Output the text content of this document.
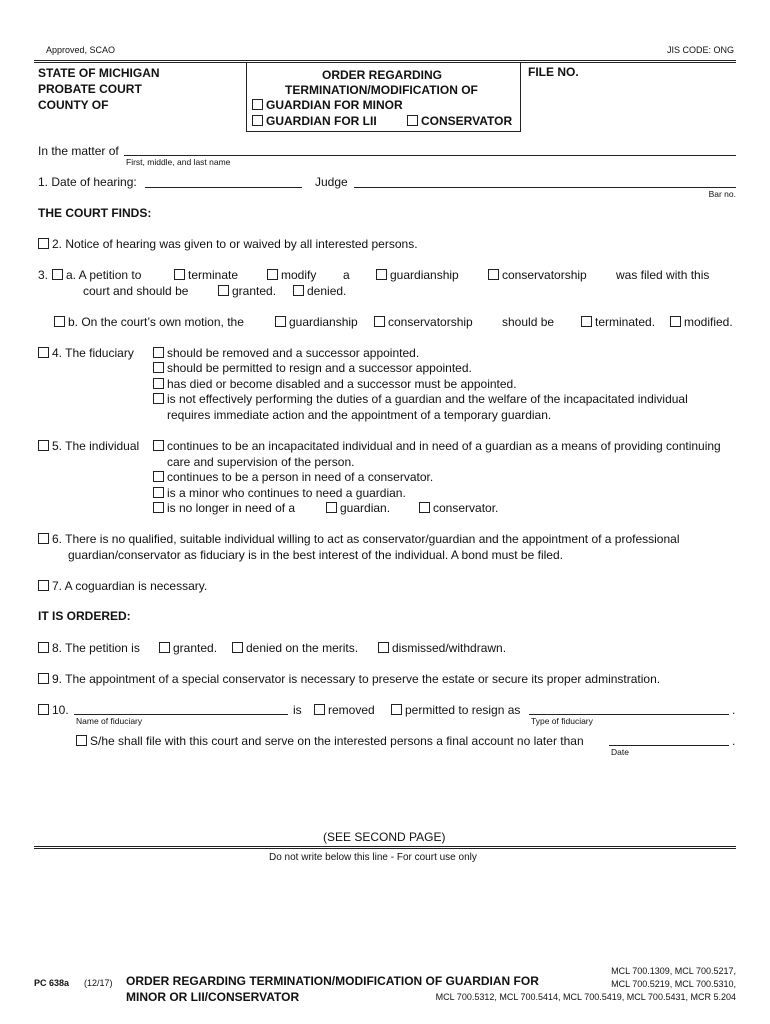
Approved, SCAO	JIS CODE: ONG
STATE OF MICHIGAN
PROBATE COURT
COUNTY OF
ORDER REGARDING
TERMINATION/MODIFICATION OF
GUARDIAN FOR MINOR
GUARDIAN FOR LII	CONSERVATOR
FILE NO.
In the matter of
First, middle, and last name
1. Date of hearing:	Judge
Bar no.
THE COURT FINDS:
2. Notice of hearing was given to or waived by all interested persons.
3.	a. A petition to	terminate	modify a	guardianship	conservatorship was filed with this
court and should be	granted.	denied.
b. On the court’s own motion, the	guardianship	conservatorship should be	terminated.	modified.
4. The fiduciary	should be removed and a successor appointed.
should be permitted to resign and a successor appointed.
has died or become disabled and a successor must be appointed.
is not effectively performing the duties of a guardian and the welfare of the incapacitated individual
requires immediate action and the appointment of a temporary guardian.
5. The individual	continues to be an incapacitated individual and in need of a guardian as a means of providing continuing
care and supervision of the person.
continues to be a person in need of a conservator.
is a minor who continues to need a guardian.
is no longer in need of a	guardian.	conservator.
6. There is no qualified, suitable individual willing to act as conservator/guardian and the appointment of a professional
guardian/conservator as fiduciary is in the best interest of the individual. A bond must be filed.
7. A coguardian is necessary.
IT IS ORDERED:
8. The petition is	granted.	denied on the merits.	dismissed/withdrawn.
9. The appointment of a special conservator is necessary to preserve the estate or secure its proper adminstration.
10.
Name of fiduciary
is	removed	permitted to resign as	.
Type of fiduciary
S/he shall file with this court and serve on the interested persons a final account no later than	.
Date
(SEE SECOND PAGE)
Do not write below this line - For court use only
PC 638a (12/17) ORDER REGARDING TERMINATION/MODIFICATION OF GUARDIAN FOR
MINOR OR LII/CONSERVATOR
MCL 700.1309, MCL 700.5217,
MCL 700.5219, MCL 700.5310,
MCL 700.5312, MCL 700.5414, MCL 700.5419, MCL 700.5431, MCR 5.204
